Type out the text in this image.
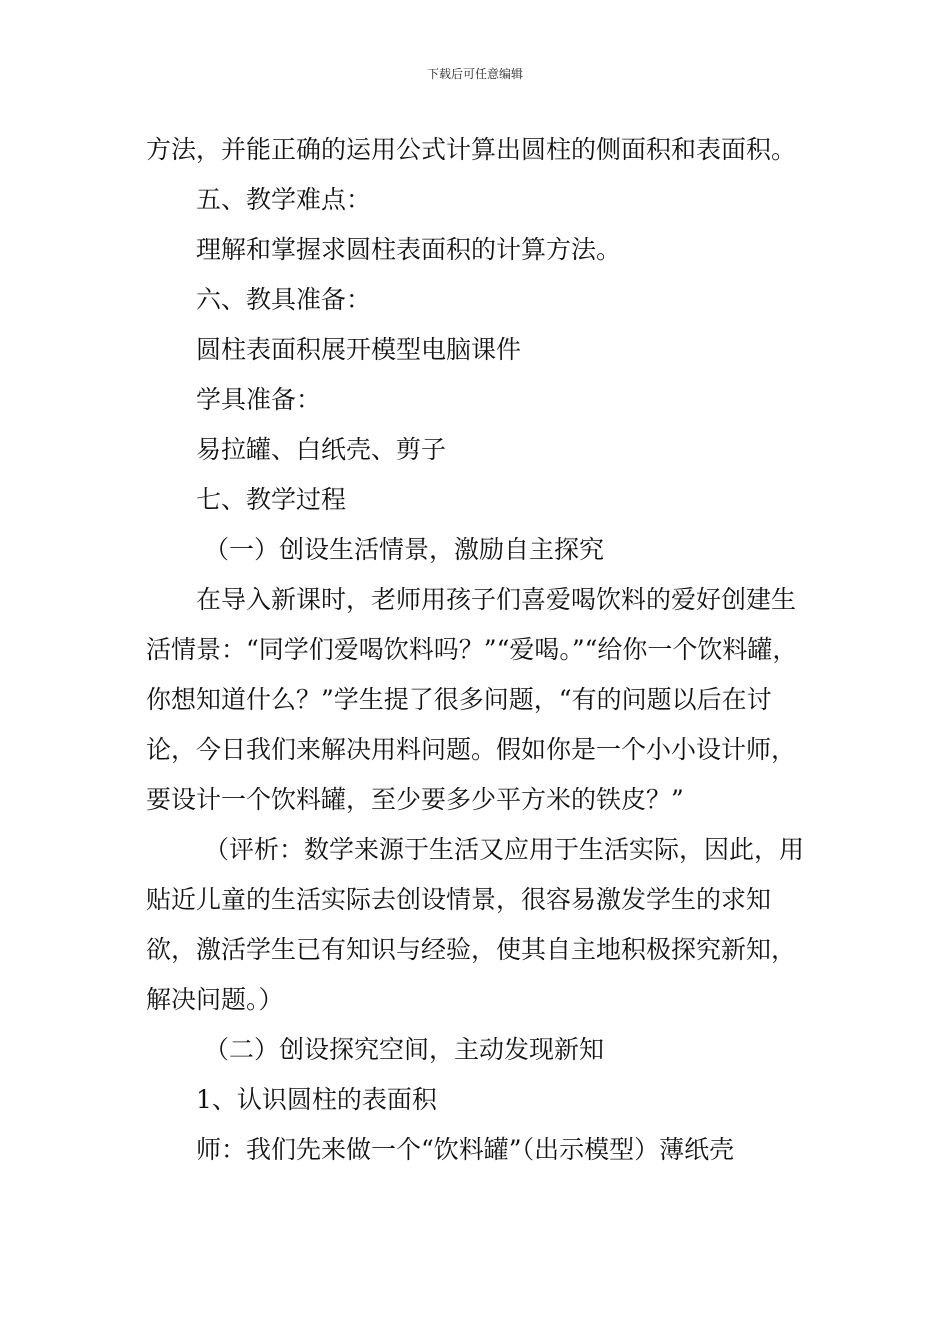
下载后可任意编辑

方法，并能正确的运用公式计算出圆柱的侧面积和表面积。

五、教学难点：

理解和掌握求圆柱表面积的计算方法。

六、教具准备：

圆柱表面积展开模型电脑课件

学具准备：

易拉罐、白纸壳、剪子

七、教学过程

（一）创设生活情景，激励自主探究

在导入新课时，老师用孩子们喜爱喝饮料的爱好创建生活情景：“同学们爱喝饮料吗？”“爱喝。”“给你一个饮料罐，你想知道什么？”学生提了很多问题，“有的问题以后在讨论，今日我们来解决用料问题。假如你是一个小小设计师，要设计一个饮料罐，至少要多少平方米的铁皮？”

（评析：数学来源于生活又应用于生活实际，因此，用贴近儿童的生活实际去创设情景，很容易激发学生的求知欲，激活学生已有知识与经验，使其自主地积极探究新知，解决问题。）

（二）创设探究空间，主动发现新知

1、认识圆柱的表面积

师：我们先来做一个“饮料罐”（出示模型）薄纸壳
